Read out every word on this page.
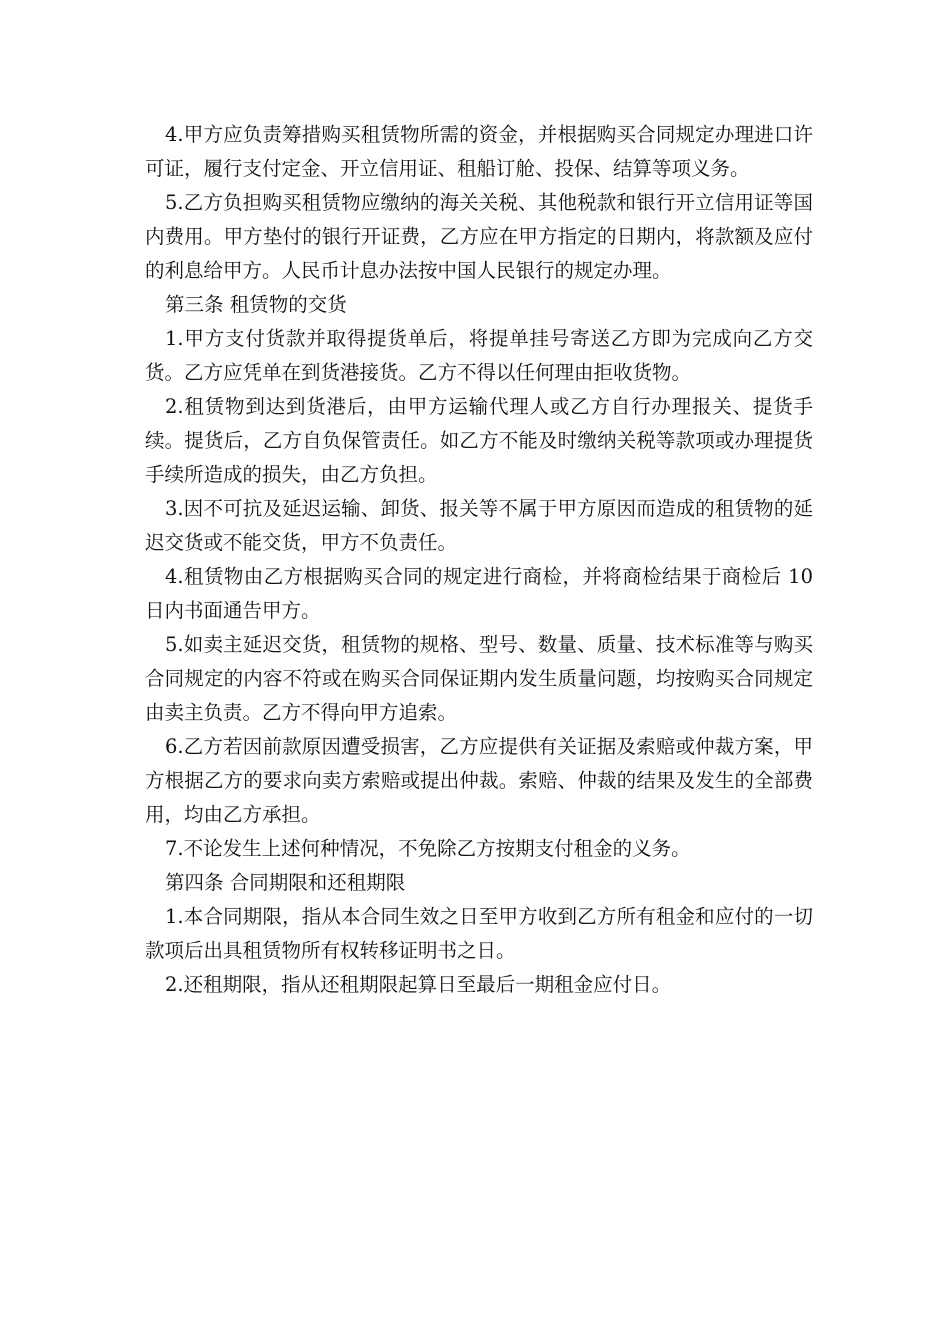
4.甲方应负责筹措购买租赁物所需的资金，并根据购买合同规定办理进口许可证，履行支付定金、开立信用证、租船订舱、投保、结算等项义务。

5.乙方负担购买租赁物应缴纳的海关关税、其他税款和银行开立信用证等国内费用。甲方垫付的银行开证费，乙方应在甲方指定的日期内，将款额及应付的利息给甲方。人民币计息办法按中国人民银行的规定办理。

第三条 租赁物的交货

1.甲方支付货款并取得提货单后，将提单挂号寄送乙方即为完成向乙方交货。乙方应凭单在到货港接货。乙方不得以任何理由拒收货物。

2.租赁物到达到货港后，由甲方运输代理人或乙方自行办理报关、提货手续。提货后，乙方自负保管责任。如乙方不能及时缴纳关税等款项或办理提货手续所造成的损失，由乙方负担。

3.因不可抗及延迟运输、卸货、报关等不属于甲方原因而造成的租赁物的延迟交货或不能交货，甲方不负责任。

4.租赁物由乙方根据购买合同的规定进行商检，并将商检结果于商检后 10 日内书面通告甲方。

5.如卖主延迟交货，租赁物的规格、型号、数量、质量、技术标准等与购买合同规定的内容不符或在购买合同保证期内发生质量问题，均按购买合同规定由卖主负责。乙方不得向甲方追索。

6.乙方若因前款原因遭受损害，乙方应提供有关证据及索赔或仲裁方案，甲方根据乙方的要求向卖方索赔或提出仲裁。索赔、仲裁的结果及发生的全部费用，均由乙方承担。

7.不论发生上述何种情况，不免除乙方按期支付租金的义务。

第四条 合同期限和还租期限

1.本合同期限，指从本合同生效之日至甲方收到乙方所有租金和应付的一切款项后出具租赁物所有权转移证明书之日。

2.还租期限，指从还租期限起算日至最后一期租金应付日。
